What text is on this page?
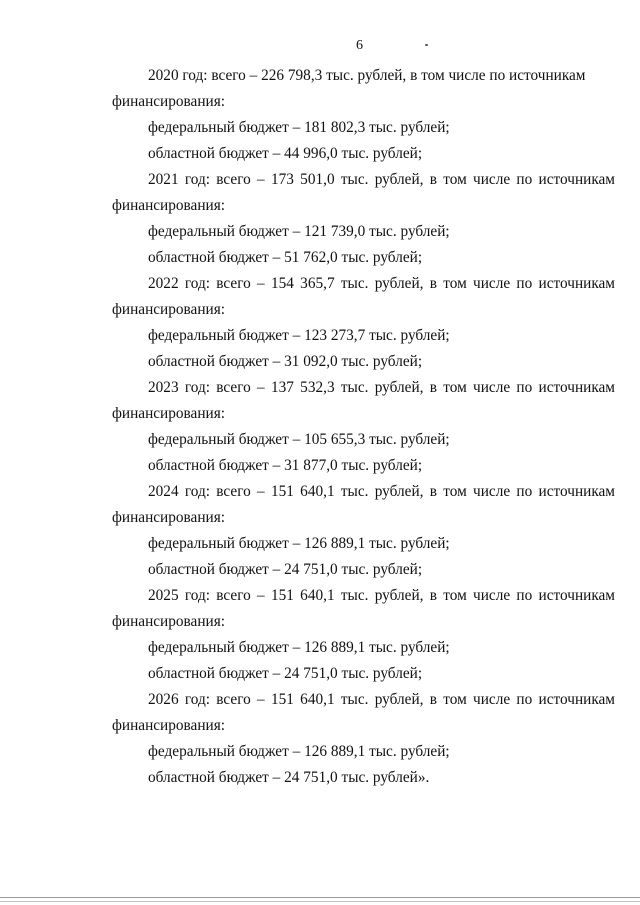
6
2020 год: всего – 226 798,3 тыс. рублей, в том числе по источникам
финансирования:
федеральный бюджет – 181 802,3 тыс. рублей;
областной бюджет – 44 996,0 тыс. рублей;
2021 год: всего – 173 501,0 тыс. рублей, в том числе по источникам
финансирования:
федеральный бюджет – 121 739,0 тыс. рублей;
областной бюджет – 51 762,0 тыс. рублей;
2022 год: всего – 154 365,7 тыс. рублей, в том числе по источникам
финансирования:
федеральный бюджет – 123 273,7 тыс. рублей;
областной бюджет – 31 092,0 тыс. рублей;
2023 год: всего – 137 532,3 тыс. рублей, в том числе по источникам
финансирования:
федеральный бюджет – 105 655,3 тыс. рублей;
областной бюджет – 31 877,0 тыс. рублей;
2024 год: всего – 151 640,1 тыс. рублей, в том числе по источникам
финансирования:
федеральный бюджет – 126 889,1 тыс. рублей;
областной бюджет – 24 751,0 тыс. рублей;
2025 год: всего – 151 640,1 тыс. рублей, в том числе по источникам
финансирования:
федеральный бюджет – 126 889,1 тыс. рублей;
областной бюджет – 24 751,0 тыс. рублей;
2026 год: всего – 151 640,1 тыс. рублей, в том числе по источникам
финансирования:
федеральный бюджет – 126 889,1 тыс. рублей;
областной бюджет – 24 751,0 тыс. рублей».
